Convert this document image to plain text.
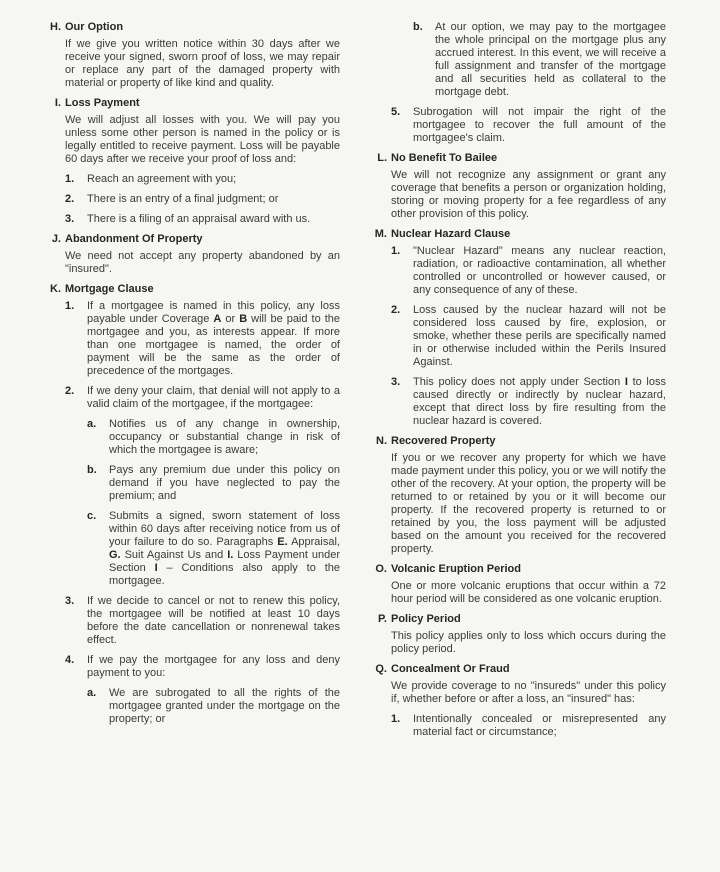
H. Our Option

If we give you written notice within 30 days after we receive your signed, sworn proof of loss, we may repair or replace any part of the damaged property with material or property of like kind and quality.

I. Loss Payment

We will adjust all losses with you. We will pay you unless some other person is named in the policy or is legally entitled to receive payment. Loss will be payable 60 days after we receive your proof of loss and:

1.	Reach an agreement with you;

2.	There is an entry of a final judgment; or

3.	There is a filing of an appraisal award with us.

J. Abandonment Of Property

We need not accept any property abandoned by an "insured".

K. Mortgage Clause
1.	If a mortgagee is named in this policy, any loss payable under Coverage A or B will be paid to the mortgagee and you, as interests appear. If more than one mortgagee is named, the order of payment will be the same as the order of precedence of the mortgages.

2.	If we deny your claim, that denial will not apply to a valid claim of the mortgagee, if the mortgagee:

a.	Notifies us of any change in ownership, occupancy or substantial change in risk of which the mortgagee is aware;

b.	Pays any premium due under this policy on demand if you have neglected to pay the premium; and

c.	Submits a signed, sworn statement of loss within 60 days after receiving notice from us of your failure to do so. Paragraphs E. Appraisal, G. Suit Against Us and I. Loss Payment under Section I – Conditions also apply to the mortgagee.

3.	If we decide to cancel or not to renew this policy, the mortgagee will be notified at least 10 days before the date cancellation or nonrenewal takes effect.

4.	If we pay the mortgagee for any loss and deny payment to you:

a.	We are subrogated to all the rights of the mortgagee granted under the mortgage on the property; or

b.	At our option, we may pay to the mortgagee the whole principal on the mortgage plus any accrued interest. In this event, we will receive a full assignment and transfer of the mortgage and all securities held as collateral to the mortgage debt.

5.	Subrogation will not impair the right of the mortgagee to recover the full amount of the mortgagee's claim.

L. No Benefit To Bailee

We will not recognize any assignment or grant any coverage that benefits a person or organization holding, storing or moving property for a fee regardless of any other provision of this policy.

M. Nuclear Hazard Clause
1.	"Nuclear Hazard" means any nuclear reaction, radiation, or radioactive contamination, all whether controlled or uncontrolled or however caused, or any consequence of any of these.

2.	Loss caused by the nuclear hazard will not be considered loss caused by fire, explosion, or smoke, whether these perils are specifically named in or otherwise included within the Perils Insured Against.

3.	This policy does not apply under Section I to loss caused directly or indirectly by nuclear hazard, except that direct loss by fire resulting from the nuclear hazard is covered.

N. Recovered Property

If you or we recover any property for which we have made payment under this policy, you or we will notify the other of the recovery. At your option, the property will be returned to or retained by you or it will become our property. If the recovered property is returned to or retained by you, the loss payment will be adjusted based on the amount you received for the recovered property.

O. Volcanic Eruption Period

One or more volcanic eruptions that occur within a 72 hour period will be considered as one volcanic eruption.

P. Policy Period

This policy applies only to loss which occurs during the policy period.

Q. Concealment Or Fraud

We provide coverage to no "insureds" under this policy if, whether before or after a loss, an "insured" has:

1.	Intentionally concealed or misrepresented any material fact or circumstance;
